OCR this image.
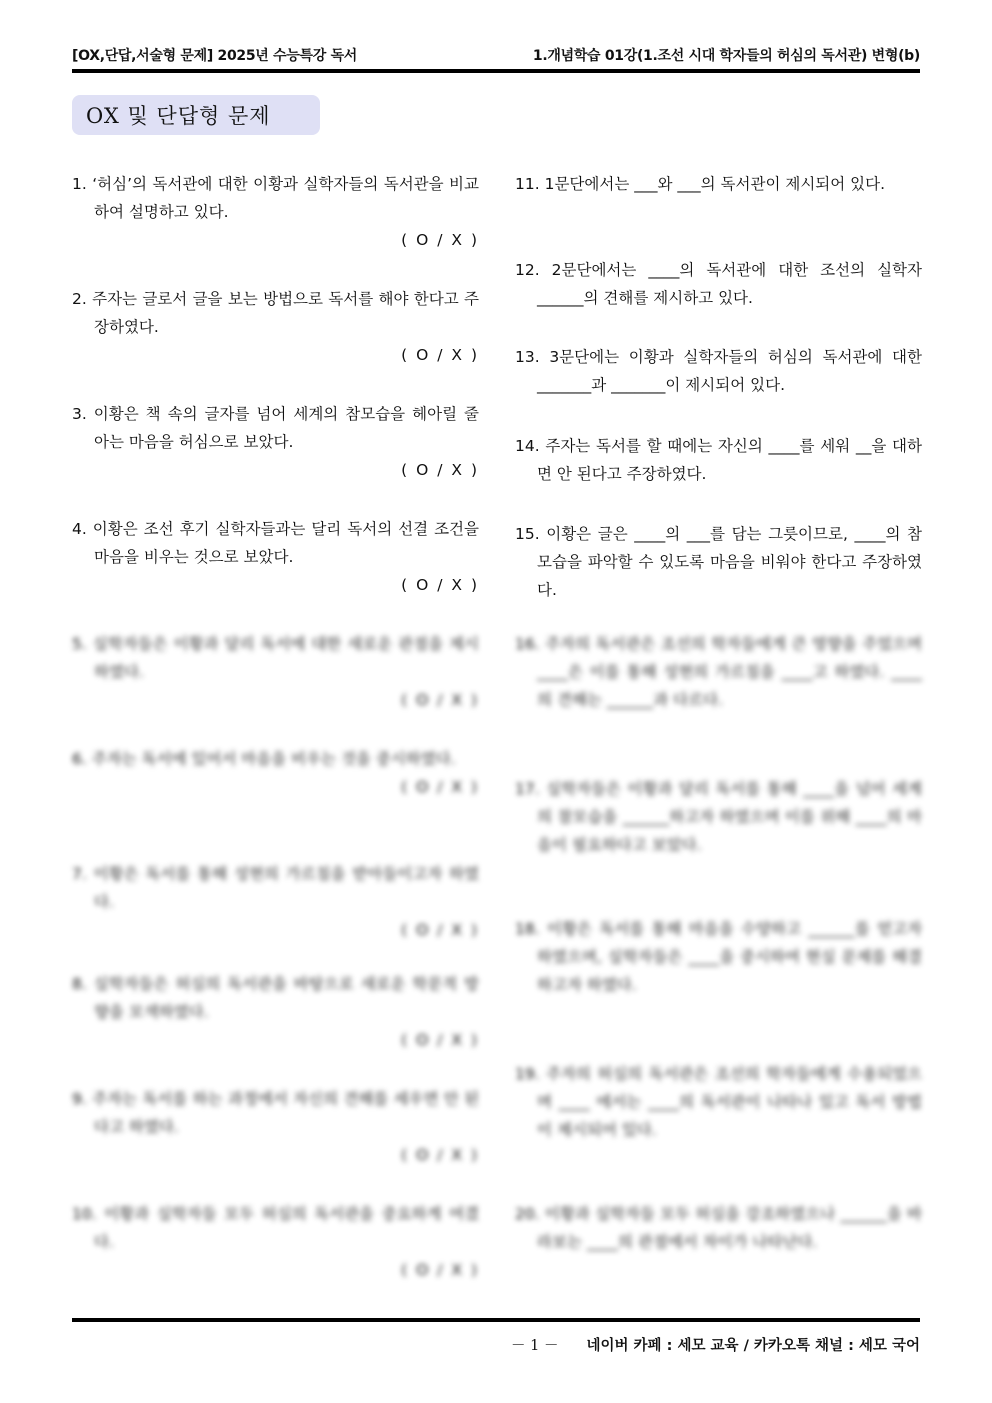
[OX,단답,서술형 문제] 2025년 수능특강 독서	1.개념학습 01강(1.조선 시대 학자들의 허심의 독서관) 변형(b)
OX 및 단답형 문제
1. ‘허심’의 독서관에 대한 이황과 실학자들의 독서관을 비교하여 설명하고 있다.
( O / X )
2. 주자는 글로서 글을 보는 방법으로 독서를 해야 한다고 주장하였다.
( O / X )
3. 이황은 책 속의 글자를 넘어 세계의 참모습을 헤아릴 줄 아는 마음을 허심으로 보았다.
( O / X )
4. 이황은 조선 후기 실학자들과는 달리 독서의 선결 조건을 마음을 비우는 것으로 보았다.
( O / X )
5. 실학자들은 이황과 달리 독서에 대한 새로운 관점을 제시하였다.
( O / X )
6. 주자는 독서에 있어서 마음을 비우는 것을 중시하였다.
( O / X )
7. 이황은 독서를 통해 성현의 가르침을 받아들이고자 하였다.
( O / X )
8. 실학자들은 허심의 독서관을 바탕으로 새로운 학문적 방향을 모색하였다.
( O / X )
9. 주자는 독서를 하는 과정에서 자신의 견해를 세우면 안 된다고 하였다.
( O / X )
10. 이황과 실학자들 모두 허심의 독서관을 중요하게 여겼다.
( O / X )
11. 1문단에서는 ___와 ___의 독서관이 제시되어 있다.
12. 2문단에서는 ____의 독서관에 대한 조선의 실학자 ______의 견해를 제시하고 있다.
13. 3문단에는 이황과 실학자들의 허심의 독서관에 대한 _______과 _______이 제시되어 있다.
14. 주자는 독서를 할 때에는 자신의 ____를 세워 __을 대하면 안 된다고 주장하였다.
15. 이황은 글은 ____의 ___를 담는 그릇이므로, ____의 참모습을 파악할 수 있도록 마음을 비워야 한다고 주장하였다.
16. 주자의 독서관은 조선의 학자들에게 큰 영향을 주었으며 ____은 이를 통해 성현의 가르침을 ____고 하였다. ____의 견해는 ______과 다르다.
17. 실학자들은 이황과 달리 독서를 통해 ____을 넘어 세계의 참모습을 ______하고자 하였으며 이를 위해 ____의 마음이 필요하다고 보았다.
18. 이황은 독서를 통해 마음을 수양하고 ______를 얻고자 하였으며, 실학자들은 ____을 중시하여 현실 문제를 해결하고자 하였다.
19. 주자의 허심의 독서관은 조선의 학자들에게 수용되었으며 ____ 에서는 ____의 독서관이 나타나 있고 독서 방법이 제시되어 있다.
20. 이황과 실학자들 모두 허심을 강조하였으나 ______을 바라보는 ____의 관점에서 차이가 나타난다.
－ 1 － 네이버 카페 : 세모 교육 / 카카오톡 채널 : 세모 국어
